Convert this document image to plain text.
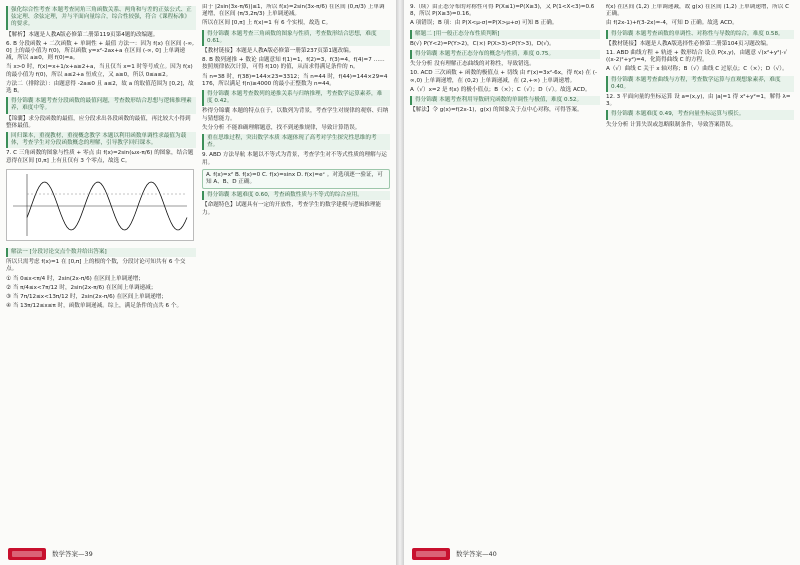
强化综合性考查 本题考查同角三角函数关系、两角和与差的正弦公式、正弦定理、余弦定理，并与平面向量综合，综合性较强，符合《课程标准》的要求。
【解析】本题是人教A版必修第二册第119页第4题的改编题。
6. B 分段函数 + 二次函数 + 单调性 + 最值 方法一：因为 f(x) 在区间 (-∞, 0] 上的最小值为 f(0)，所以函数 y=x²-2ax+a 在区间 (-∞, 0] 上单调递减，所以 a≥0，则 f(0)=a。
当 x>0 时，f(x)=x+1/x+a≥2+a，当且仅当 x=1 时等号成立。因为 f(x) 的最小值为 f(0)，所以 a≤2+a 恒成立，又 a≥0，所以 0≤a≤2。
方法二（排除法）：由题意得 -2a≤0 且 a≤2，故 a 的取值范围为 [0,2]，故选 B。
得分锦囊 本题考查分段函数的最值问题，考查数形结合思想与逻辑推理素养，难度中等。
【锦囊】求分段函数的最值，应分段求出各段函数的最值，再比较大小得到整体最值。
回归课本，重视教材，重视概念教学 本题以利用函数单调性求最值为载体，考查学生对分段函数概念的理解，引导教学回归课本。
7. C 三角函数的图象与性质 + 零点 由 f(x)=2sin(ωx-π/6) 的图象，结合题意得在区间 [0,π] 上有且仅有 3 个零点，故选 C。
解法一 [分段讨论交点个数并给出答案]
所以只需考虑 f(x)=1 在 [0,π] 上的根的个数，分段讨论可知共有 6 个交点。
① 当 0≤x<π/4 时，2sin(2x-π/6) 在区间上单调递增；
② 当 π/4≤x<7π/12 时，2sin(2x-π/6) 在区间上单调递减；
③ 当 7π/12≤x<13π/12 时，2sin(2x-π/6) 在区间上单调递增；
④ 当 13π/12≤x≤π 时，函数单调递减。综上，满足条件的点共 6 个。
由于 |2sin(3x-π/6)|≤1，所以 f(x)=2sin(3x-π/6) 在区间 (0,π/3) 上单调递增，在区间 (π/3,2π/3) 上单调递减。
所以在区间 [0,π] 上 f(x)=1 有 6 个实根，故选 C。
得分锦囊 本题考查三角函数的图象与性质，考查数形结合思想，难度 0.61。
【教材链接】本题是人教A版必修第一册第237页第1题改编。
8. B 数列递推 + 数论 由题意知 f(1)=1，f(2)=3，f(3)=4，f(4)=7 …… 按照规律依次计算，可得 f(10) 的值，从而求得满足条件的 n。
当 n=38 时，f(38)=144×23=3312；当 n=44 时，f(44)=144×29=4176，所以满足 f(n)≥4000 的最小正整数为 n=44。
得分锦囊 本题考查数列的递推关系与归纳推理，考查数学运算素养，难度 0.42。
秒得分锦囊 本题的特点在于，以数列为背景，考查学生对规律的观察、归纳与猜想能力。
失分分析 不能准确理解题意，找不到递推规律，导致计算错误。
重在思维过程，突出数学本质 本题体现了高考对学生探究性思维的考查。
9. ABD 方法导航 本题以不等式为背景，考查学生对不等式性质的理解与运用。
A. f(x)=x² B. f(x)=0 C. f(x)=sinx D. f(x)=eˣ 。对选项逐一验证，可知 A、B、D 正确。
得分锦囊 本题难度 0.60，考查函数性质与不等式的综合应用。
【命题特色】试题具有一定的开放性，考查学生的数学建模与逻辑推理能力。
数学答案—39
9.（续）由正态分布的对称性可得 P(X≤1)=P(X≥3)，又 P(1<X<3)=0.68，所以 P(X≥3)=0.16。
A 项错误；B 项：由 P(X<μ-σ)=P(X>μ+σ) 可知 B 正确。
解题二 [用一般正态分布性质判断]
B(√) P(Y<2)=P(Y>2)，C(×) P(X>3)<P(Y>3)，D(√)。
得分锦囊 本题考查正态分布的概念与性质，难度 0.75。
失分分析 没有理解正态曲线的对称性，导致错选。
10. ACD 三次函数 + 函数的极值点 + 切线 由 f'(x)=3x²-6x，得 f(x) 在 (-∞,0) 上单调递增，在 (0,2) 上单调递减，在 (2,+∞) 上单调递增。
A（√）x=2 是 f(x) 的极小值点；B（×）；C（√）；D（√）。故选 ACD。
得分锦囊 本题考查利用导数研究函数的单调性与极值，难度 0.52。
【解法】令 g(x)=f(2x-1)，g(x) 的图象关于点中心对称，可得答案。
f(x) 在区间 (1,2) 上单调递减，故 g(x) 在区间 (1,2) 上单调递增，所以 C 正确。
由 f(2x-1)+f(3-2x)=-4，可知 D 正确。故选 ACD。
得分锦囊 本题考查函数的单调性、对称性与导数的综合，难度 0.58。
【教材链接】本题是人教A版选择性必修第二册第104页习题改编。
11. ABD 曲线方程 + 轨迹 + 数形结合 设点 P(x,y)，由题意 √(x²+y²)·√((x-2)²+y²)=4，化简得曲线 C 的方程。
A（√）曲线 C 关于 x 轴对称；B（√）曲线 C 过原点；C（×）；D（√）。
得分锦囊 本题考查曲线与方程，考查数学运算与直观想象素养，难度 0.40。
12. 3 平面向量的坐标运算 设 a=(x,y)，由 |a|=1 得 x²+y²=1，解得 λ=3。
得分锦囊 本题难度 0.49，考查向量坐标运算与模长。
失分分析 计算失误或忽略限制条件，导致答案错误。
数学答案—40
